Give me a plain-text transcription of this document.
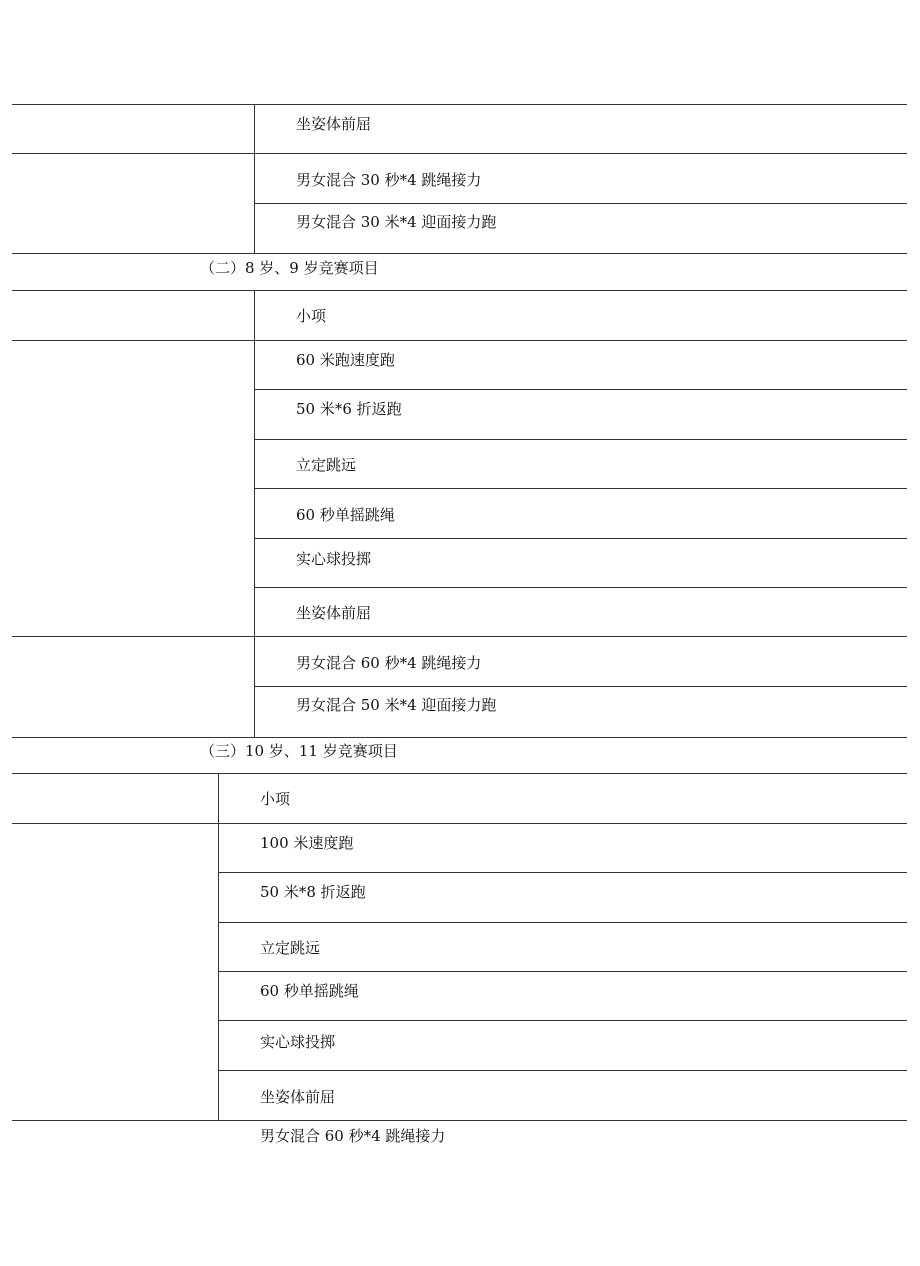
坐姿体前屈
男女混合 30 秒*4 跳绳接力
男女混合 30 米*4 迎面接力跑
（二）8 岁、9 岁竞赛项目
小项
60 米跑速度跑
50 米*6 折返跑
立定跳远
60 秒单摇跳绳
实心球投掷
坐姿体前屈
男女混合 60 秒*4 跳绳接力
男女混合 50 米*4 迎面接力跑
（三）10 岁、11 岁竞赛项目
小项
100 米速度跑
50 米*8 折返跑
立定跳远
60 秒单摇跳绳
实心球投掷
坐姿体前屈
男女混合 60 秒*4 跳绳接力
